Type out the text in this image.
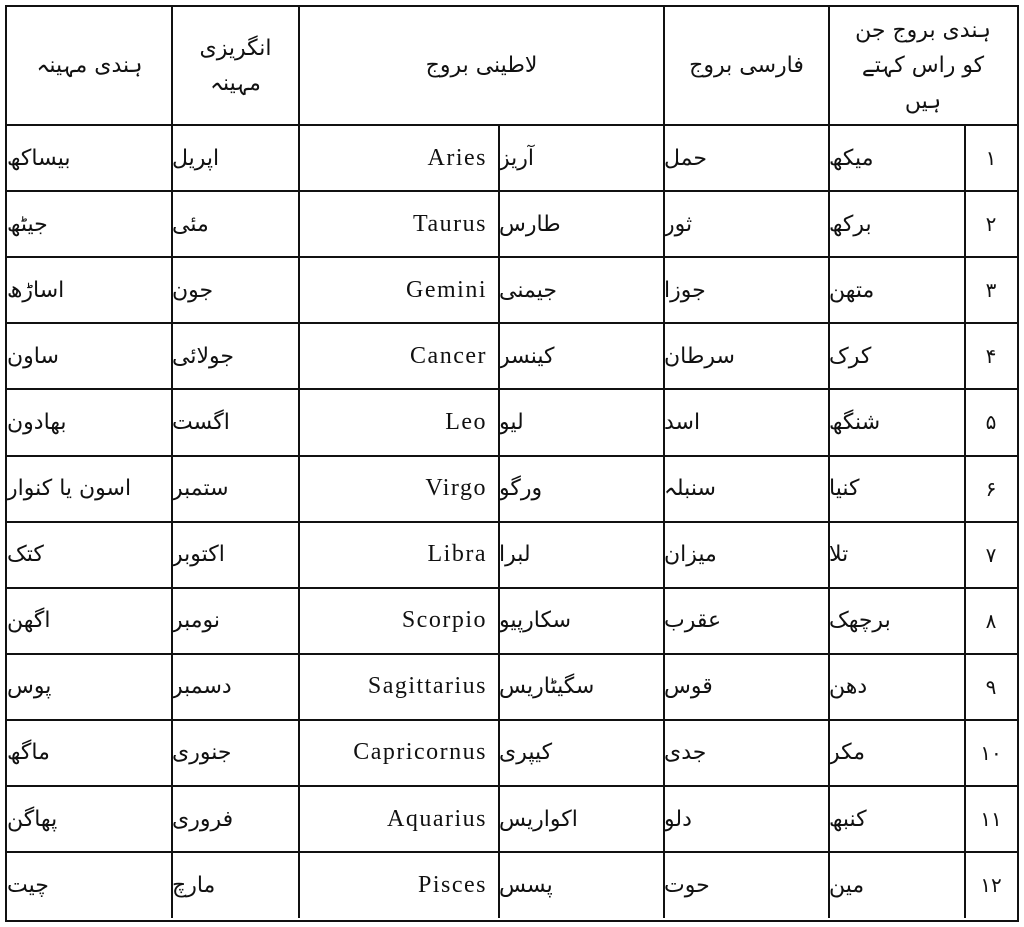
ہندی بروج جن کو راس کہتے ہیں
فارسی بروج
لاطینی بروج
انگریزی مہینہ
ہندی مہینہ
۱
میکھ
حمل
آریز
Aries
اپریل
بیساکھ
۲
برکھ
ثور
طارس
Taurus
مئی
جیٹھ
۳
متھن
جوزا
جیمنی
Gemini
جون
اساڑھ
۴
کرک
سرطان
کینسر
Cancer
جولائی
ساون
۵
شنگھ
اسد
لیو
Leo
اگست
بھادون
۶
کنیا
سنبلہ
ورگو
Virgo
ستمبر
اسون یا کنوار
۷
تلا
میزان
لبرا
Libra
اکتوبر
کتک
۸
برچھک
عقرب
سکارپیو
Scorpio
نومبر
اگھن
۹
دھن
قوس
سگیٹاریس
Sagittarius
دسمبر
پوس
۱۰
مکر
جدی
کیپری
Capricornus
جنوری
ماگھ
۱۱
کنبھ
دلو
اکواریس
Aquarius
فروری
پھاگن
۱۲
مین
حوت
پسس
Pisces
مارچ
چیت
